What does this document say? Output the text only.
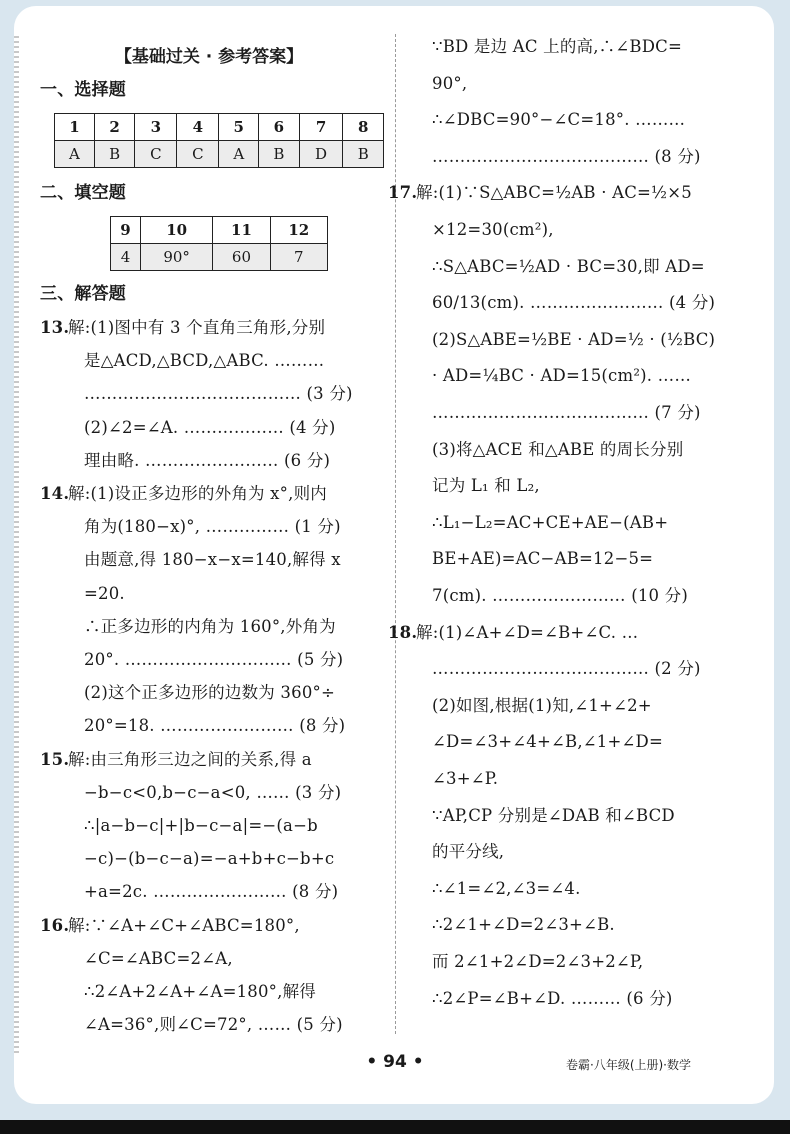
【基础过关 · 参考答案】
一、选择题
1	2	3	4	5	6	7	8
A	B	C	C	A	B	D	B
二、填空题
9	10	11	12
4	90°	60	7
三、解答题
13.解:(1)图中有 3 个直角三角形,分别
是△ACD,△BCD,△ABC. ………
………………………………… (3 分)
(2)∠2=∠A. ……………… (4 分)
理由略. …………………… (6 分)
14.解:(1)设正多边形的外角为 x°,则内
角为(180−x)°, …………… (1 分)
由题意,得 180−x−x=140,解得 x
=20.
∴正多边形的内角为 160°,外角为
20°. ………………………… (5 分)
(2)这个正多边形的边数为 360°÷
20°=18. …………………… (8 分)
15.解:由三角形三边之间的关系,得 a
−b−c<0,b−c−a<0, …… (3 分)
∴|a−b−c|+|b−c−a|=−(a−b
−c)−(b−c−a)=−a+b+c−b+c
+a=2c. …………………… (8 分)
16.解:∵∠A+∠C+∠ABC=180°,
∠C=∠ABC=2∠A,
∴2∠A+2∠A+∠A=180°,解得
∠A=36°,则∠C=72°, …… (5 分)
∵BD 是边 AC 上的高,∴∠BDC=
90°,
∴∠DBC=90°−∠C=18°. ………
………………………………… (8 分)
17.解:(1)∵S△ABC=½AB · AC=½×5
×12=30(cm²),
∴S△ABC=½AD · BC=30,即 AD=
60/13(cm). …………………… (4 分)
(2)S△ABE=½BE · AD=½ · (½BC)
· AD=¼BC · AD=15(cm²). ……
………………………………… (7 分)
(3)将△ACE 和△ABE 的周长分别
记为 L₁ 和 L₂,
∴L₁−L₂=AC+CE+AE−(AB+
BE+AE)=AC−AB=12−5=
7(cm). …………………… (10 分)
18.解:(1)∠A+∠D=∠B+∠C. …
………………………………… (2 分)
(2)如图,根据(1)知,∠1+∠2+
∠D=∠3+∠4+∠B,∠1+∠D=
∠3+∠P.
∵AP,CP 分别是∠DAB 和∠BCD
的平分线,
∴∠1=∠2,∠3=∠4.
∴2∠1+∠D=2∠3+∠B.
而 2∠1+2∠D=2∠3+2∠P,
∴2∠P=∠B+∠D. ……… (6 分)
• 94 •	卷霸·八年级(上册)·数学
